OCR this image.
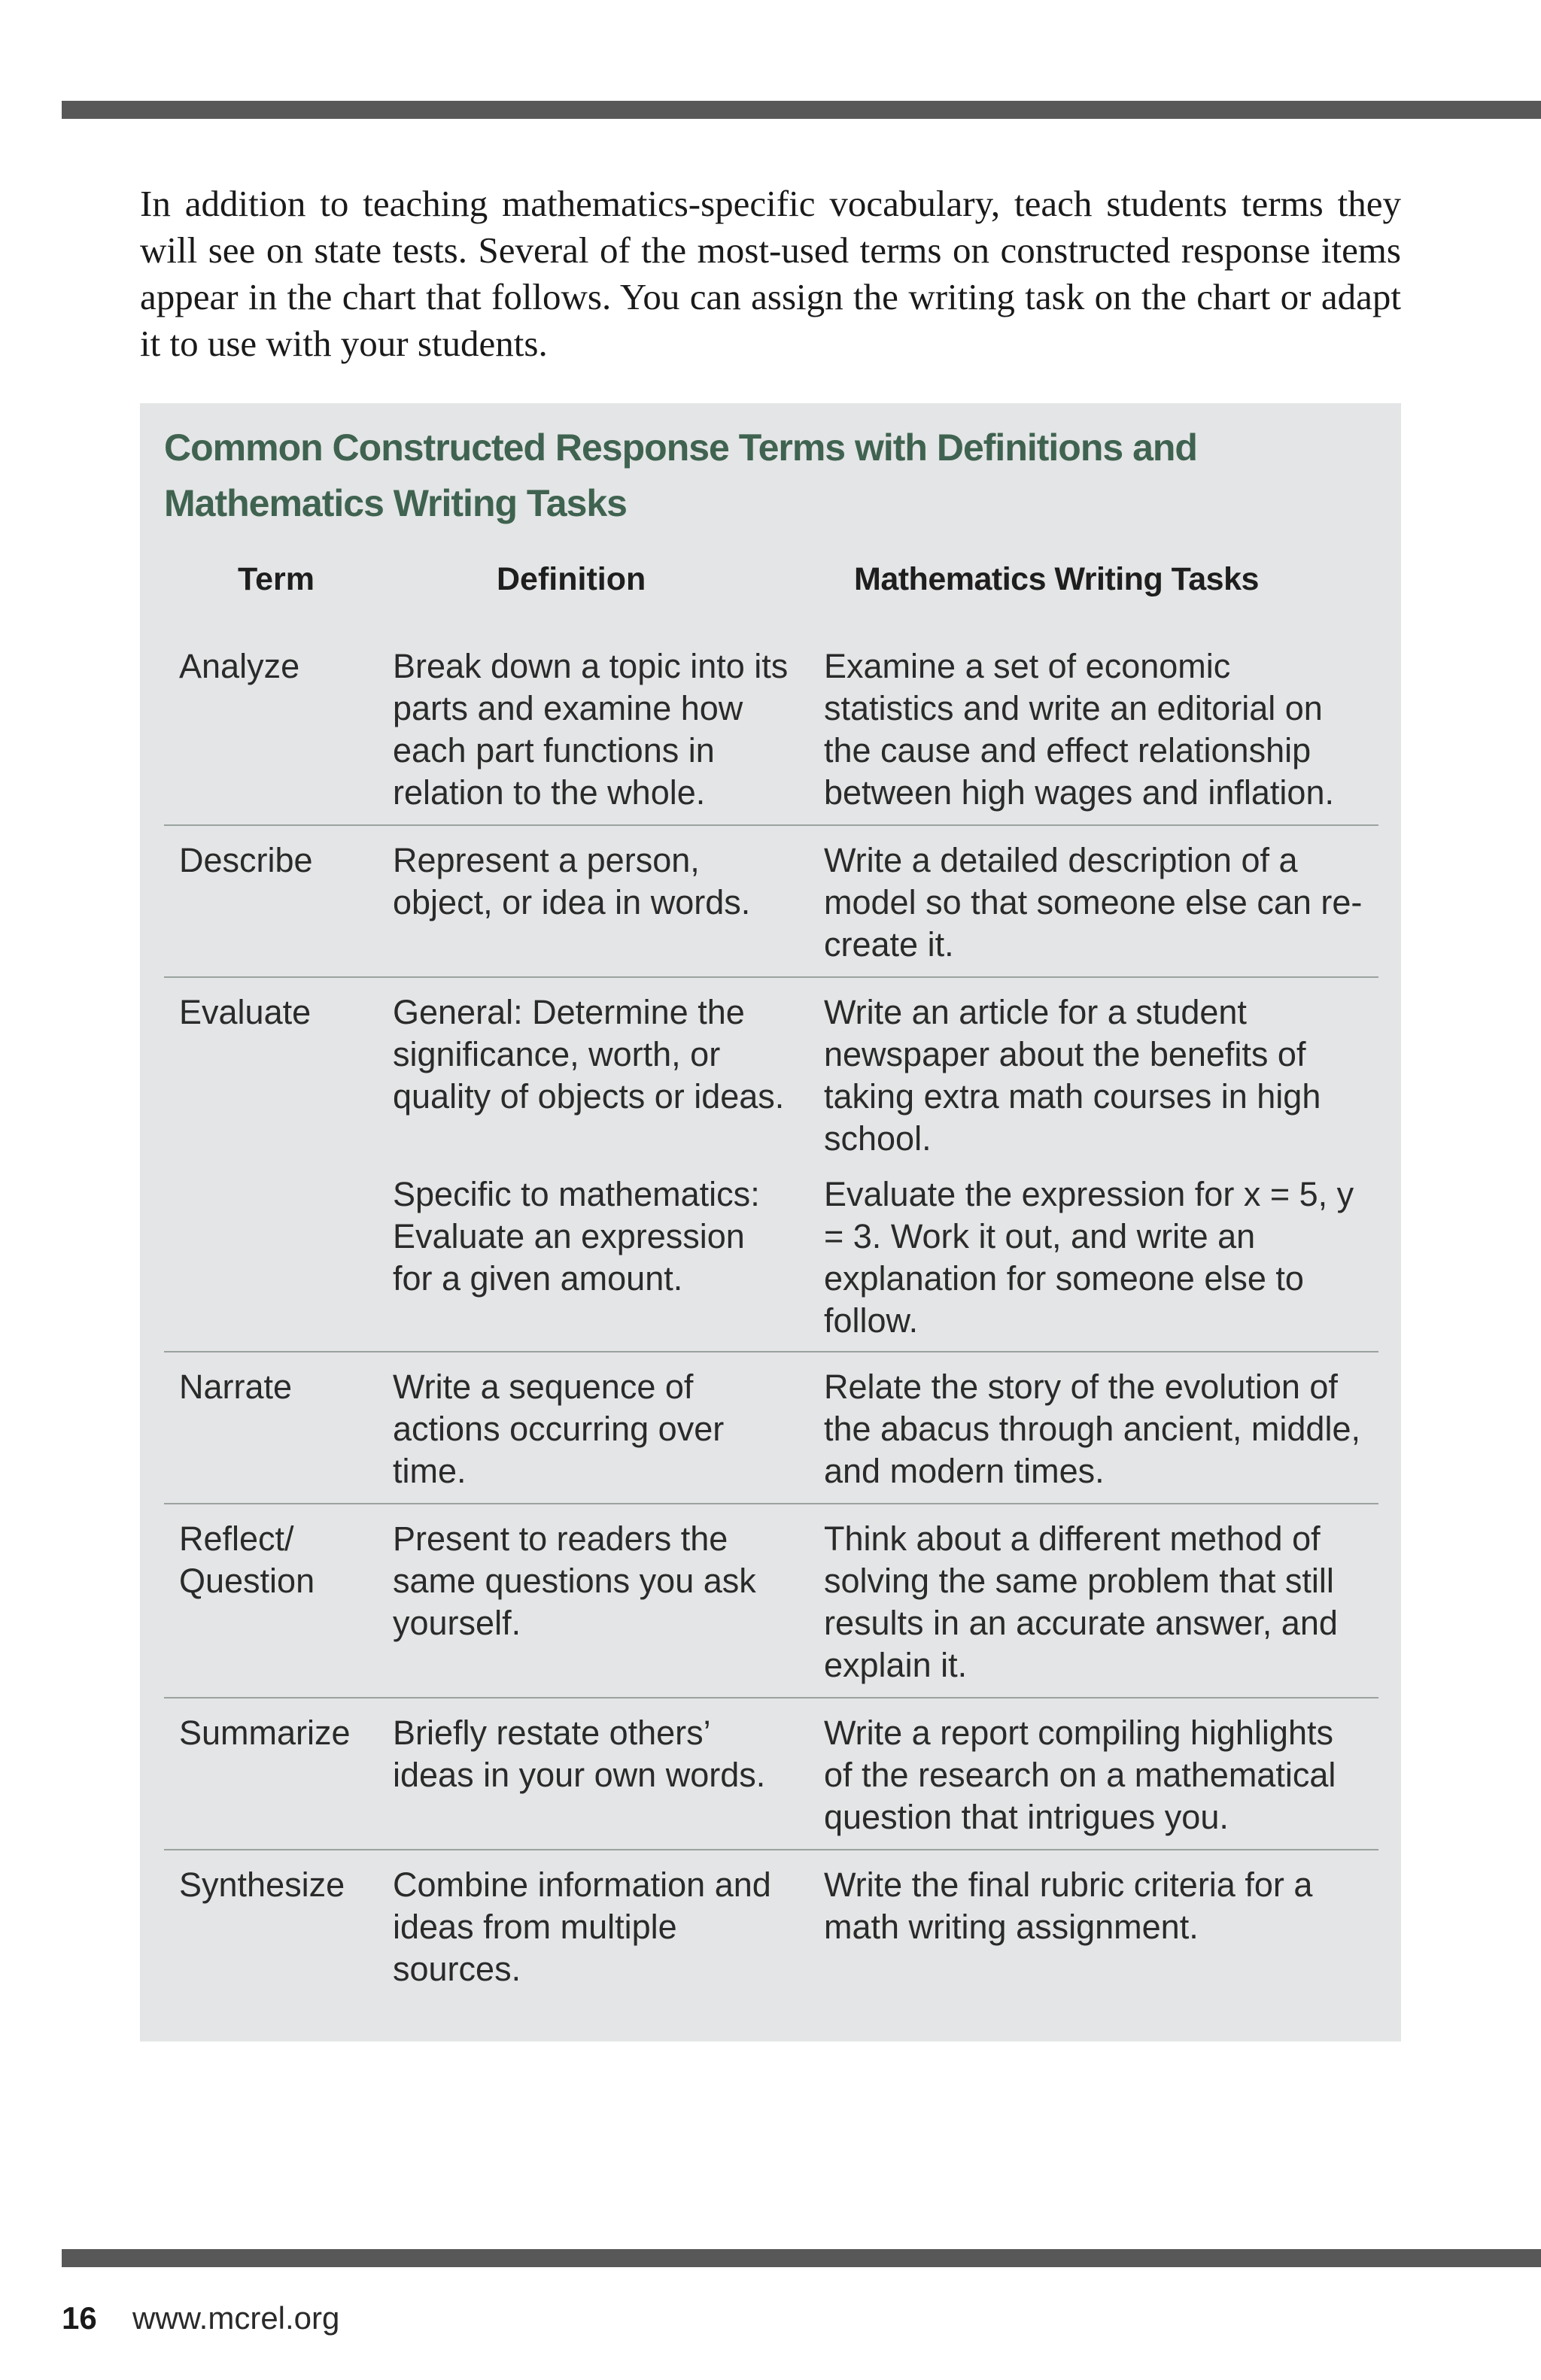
In addition to teaching mathematics-specific vocabulary, teach students terms they will see on state tests. Several of the most-used terms on constructed response items appear in the chart that follows. You can assign the writing task on the chart or adapt it to use with your students.

Common Constructed Response Terms with Definitions and
Mathematics Writing Tasks
Term	Definition	Mathematics Writing Tasks
Analyze	Break down a topic into its parts and examine how each part functions in relation to the whole.	Examine a set of economic statistics and write an editorial on the cause and effect relationship between high wages and inflation.
Describe	Represent a person, object, or idea in words.	Write a detailed description of a model so that someone else can re-create it.
Evaluate	General: Determine the significance, worth, or quality of objects or ideas.	Write an article for a student newspaper about the benefits of taking extra math courses in high school.
	Specific to mathematics: Evaluate an expression for a given amount.	Evaluate the expression for x = 5, y = 3. Work it out, and write an explanation for someone else to follow.
Narrate	Write a sequence of actions occurring over time.	Relate the story of the evolution of the abacus through ancient, middle, and modern times.
Reflect/ Question	Present to readers the same questions you ask yourself.	Think about a different method of solving the same problem that still results in an accurate answer, and explain it.
Summarize	Briefly restate others’ ideas in your own words.	Write a report compiling highlights of the research on a mathematical question that intrigues you.
Synthesize	Combine information and ideas from multiple sources.	Write the final rubric criteria for a math writing assignment.

16 www.mcrel.org
